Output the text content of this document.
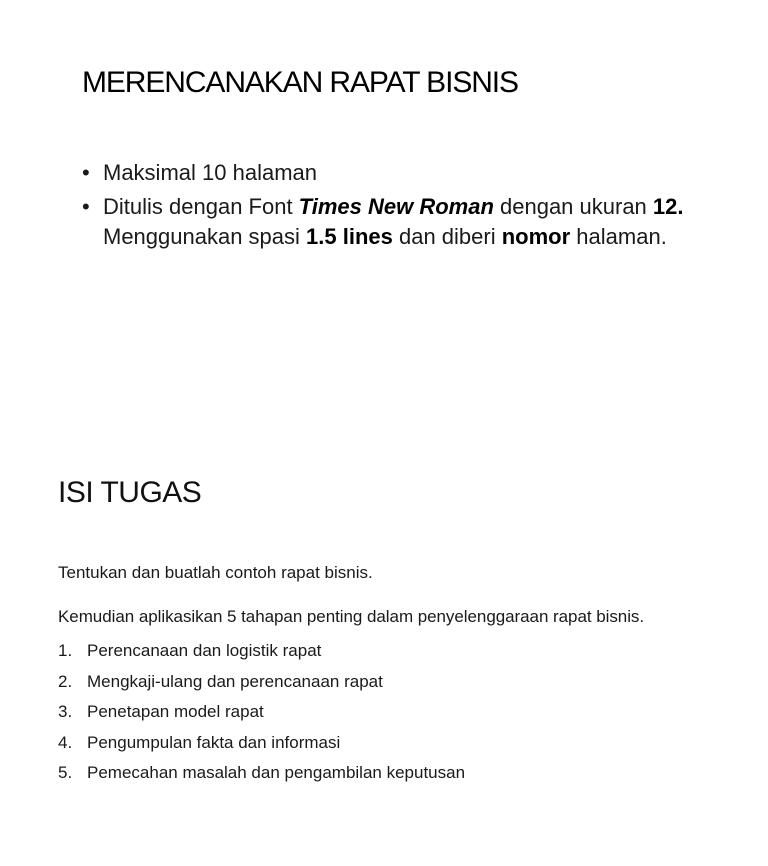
MERENCANAKAN RAPAT BISNIS
• Maksimal 10 halaman
• Ditulis dengan Font Times New Roman dengan ukuran 12.
Menggunakan spasi 1.5 lines dan diberi nomor halaman.
ISI TUGAS

Tentukan dan buatlah contoh rapat bisnis.

Kemudian aplikasikan 5 tahapan penting dalam penyelenggaraan rapat bisnis.

1. Perencanaan dan logistik rapat
2. Mengkaji-ulang dan perencanaan rapat
3. Penetapan model rapat
4. Pengumpulan fakta dan informasi
5. Pemecahan masalah dan pengambilan keputusan
